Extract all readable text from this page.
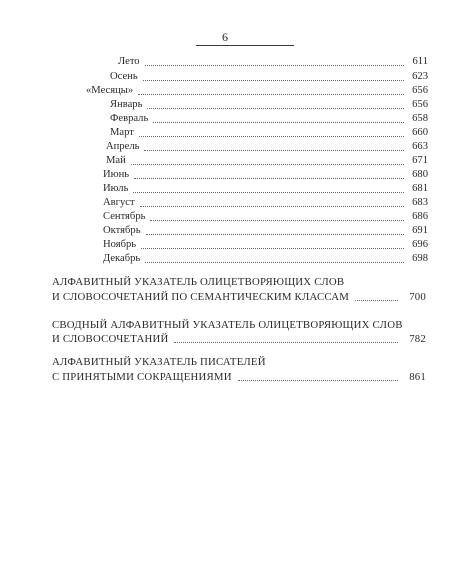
6
Лето	611
Осень	623
«Месяцы»	656
Январь	656
Февраль	658
Март	660
Апрель	663
Май	671
Июнь	680
Июль	681
Август	683
Сентябрь	686
Октябрь	691
Ноябрь	696
Декабрь	698
АЛФАВИТНЫЙ УКАЗАТЕЛЬ ОЛИЦЕТВОРЯЮЩИХ СЛОВ
И СЛОВОСОЧЕТАНИЙ ПО СЕМАНТИЧЕСКИМ КЛАССАМ	700
СВОДНЫЙ АЛФАВИТНЫЙ УКАЗАТЕЛЬ ОЛИЦЕТВОРЯЮЩИХ СЛОВ
И СЛОВОСОЧЕТАНИЙ	782
АЛФАВИТНЫЙ УКАЗАТЕЛЬ ПИСАТЕЛЕЙ
С ПРИНЯТЫМИ СОКРАЩЕНИЯМИ	861
